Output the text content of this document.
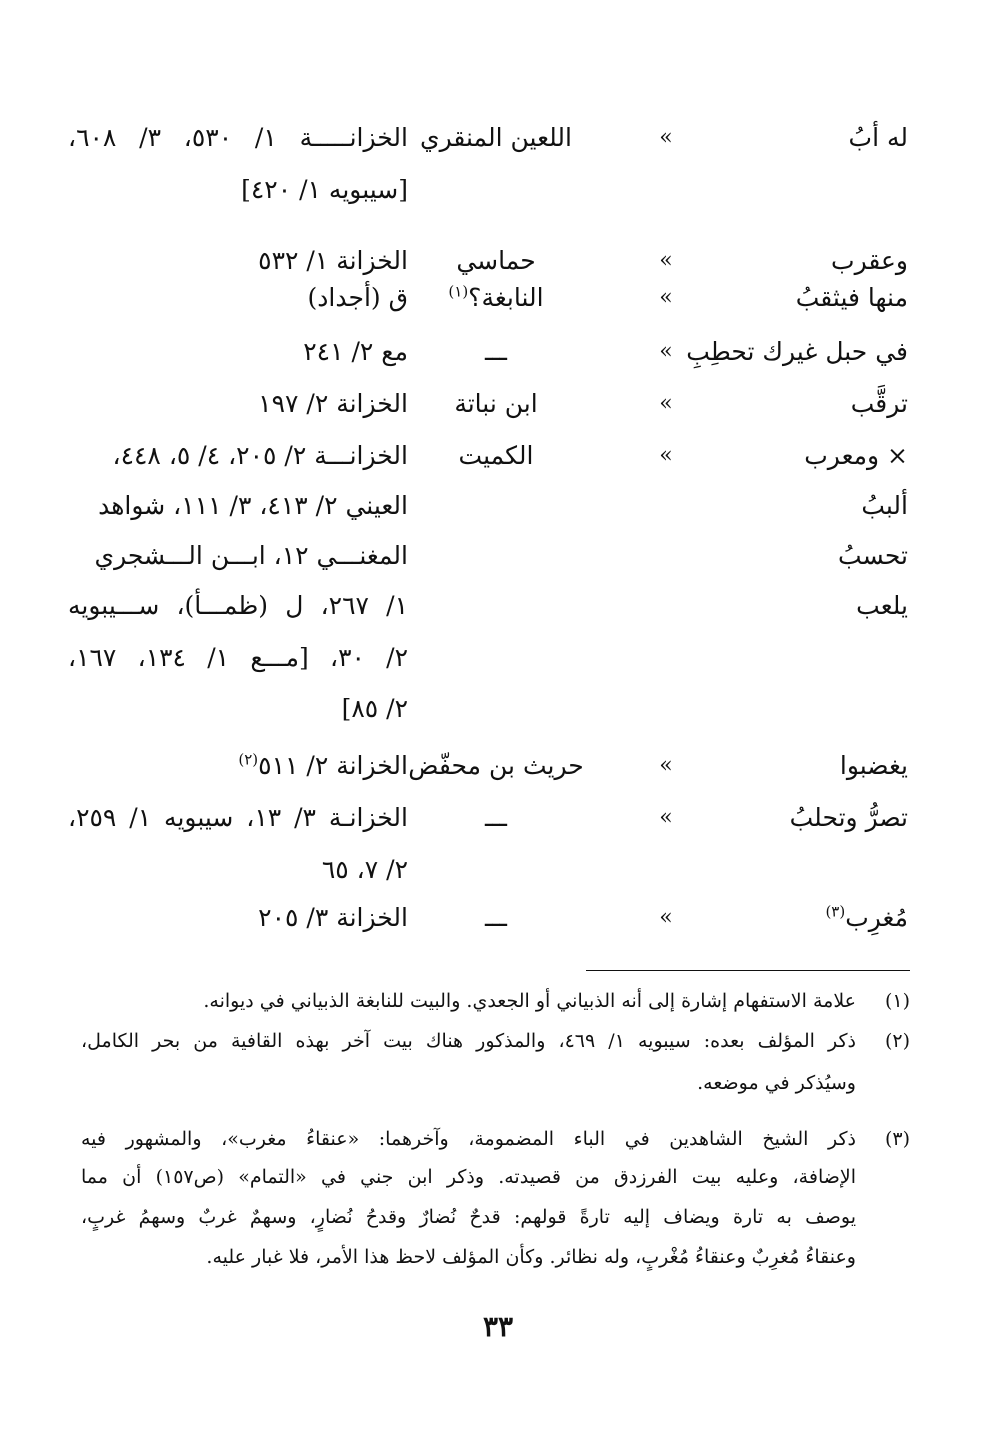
له أبُ
»
اللعين المنقري
الخزانـــــة ١/ ٥٣٠، ٣/ ٦٠٨،
[سيبويه ١/ ٤٢٠]
وعقرب
»
حماسي
الخزانة ١/ ٥٣٢
منها فيثقبُ
»
النابغة؟$^{(١)}$
ق (أجداد)
في حبل غيرك تحطِبِ
»
ـــ
مع ٢/ ٢٤١
ترقَّب
»
ابن نباتة
الخزانة ٢/ ١٩٧
× ومعرب
»
الكميت
الخزانـــة ٢/ ٢٠٥، ٤/ ٥، ٤٤٨،
ألببُ
العيني ٢/ ٤١٣، ٣/ ١١١، شواهد
تحسبُ
المغنـــي ١٢، ابـــن الـــشجري
يلعب
١/ ٢٦٧، ل (ظمـــأ)، ســـيبويه
٢/ ٣٠، [مـــع ١/ ١٣٤، ١٦٧،
٢/ ٨٥]
يغضبوا
»
حريث بن محفّض
الخزانة ٢/ ٥١١$^{(٢)}$
تصرُّ وتحلبُ
»
ـــ
الخزانـة ٣/ ١٣، سيبويه ١/ ٢٥٩،
٢/ ٧، ٦٥
مُغرِب$^{(٣)}$
»
ـــ
الخزانة ٣/ ٢٠٥
(١)
علامة الاستفهام إشارة إلى أنه الذبياني أو الجعدي. والبيت للنابغة الذبياني في ديوانه.
(٢)
ذكر المؤلف بعده: سيبويه ١/ ٤٦٩، والمذكور هناك بيت آخر بهذه القافية من بحر الكامل،
وسيُذكر في موضعه.
(٣)
ذكر الشيخ الشاهدين في الباء المضمومة، وآخرهما: «عنقاءُ مغرب»، والمشهور فيه
الإضافة، وعليه بيت الفرزدق من قصيدته. وذكر ابن جني في «التمام» (ص١٥٧) أن مما
يوصف به تارة ويضاف إليه تارةً قولهم: قدحٌ نُضارٌ وقدحُ نُضارٍ، وسهمٌ غربٌ وسهمُ غربٍ،
وعنقاءُ مُغرِبٌ وعنقاءُ مُغْربٍ، وله نظائر. وكأن المؤلف لاحظ هذا الأمر، فلا غبار عليه.
٣٣
